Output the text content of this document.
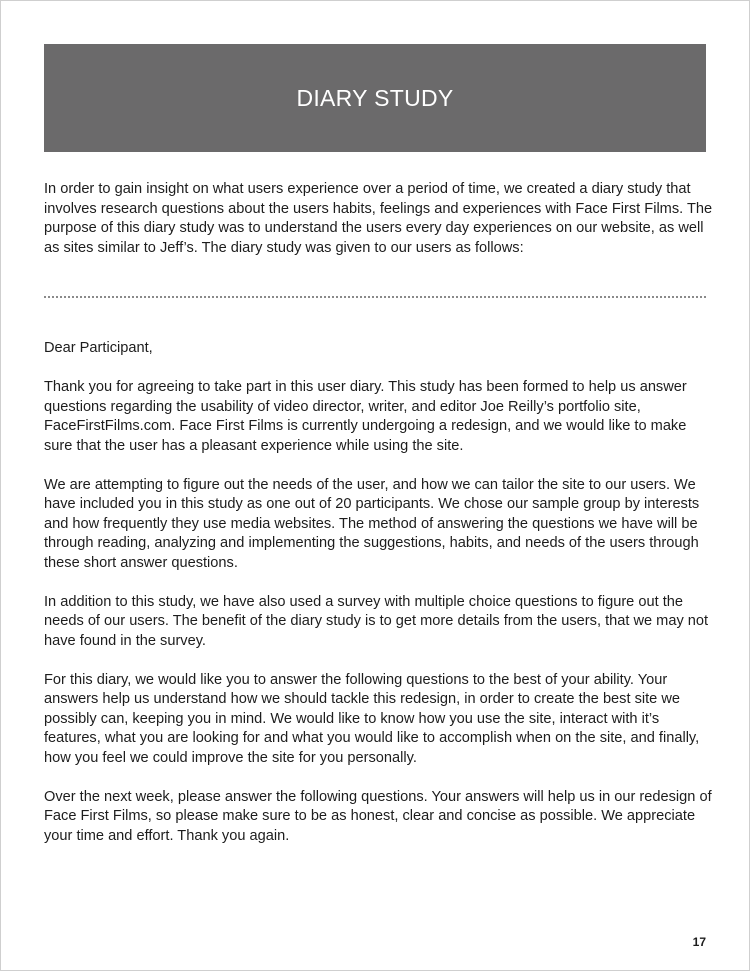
DIARY STUDY

In order to gain insight on what users experience over a period of time, we created a diary study that involves research questions about the users habits, feelings and experiences with Face First Films. The purpose of this diary study was to understand the users every day experiences on our website, as well as sites similar to Jeff’s. The diary study was given to our users as follows:

Dear Participant,

Thank you for agreeing to take part in this user diary. This study has been formed to help us answer questions regarding the usability of video director, writer, and editor Joe Reilly’s portfolio site, FaceFirstFilms.com. Face First Films is currently undergoing a redesign, and we would like to make sure that the user has a pleasant experience while using the site.

We are attempting to figure out the needs of the user, and how we can tailor the site to our users. We have included you in this study as one out of 20 participants. We chose our sample group by interests and how frequently they use media websites. The method of answering the questions we have will be through reading, analyzing and implementing the suggestions, habits, and needs of the users through these short answer questions.

In addition to this study, we have also used a survey with multiple choice questions to figure out the needs of our users. The benefit of the diary study is to get more details from the users, that we may not have found in the survey.

For this diary, we would like you to answer the following questions to the best of your ability. Your answers help us understand how we should tackle this redesign, in order to create the best site we possibly can, keeping you in mind. We would like to know how you use the site, interact with it’s features, what you are looking for and what you would like to accomplish when on the site, and finally, how you feel we could improve the site for you personally.

Over the next week, please answer the following questions. Your answers will help us in our redesign of Face First Films, so please make sure to be as honest, clear and concise as possible. We appreciate your time and effort. Thank you again.

17
